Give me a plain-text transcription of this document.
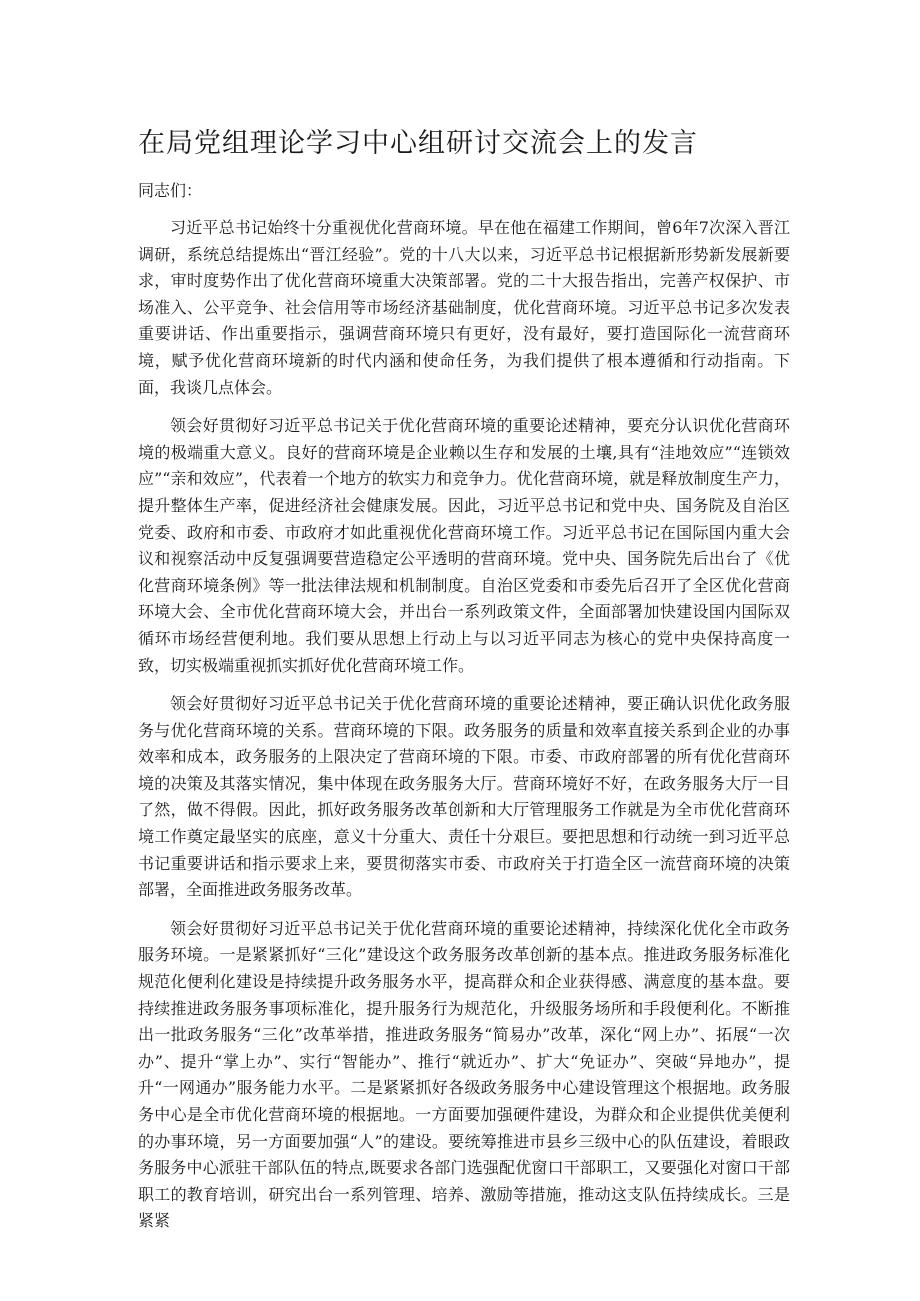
在局党组理论学习中心组研讨交流会上的发言

同志们：

习近平总书记始终十分重视优化营商环境。早在他在福建工作期间，曾6年7次深入晋江调研，系统总结提炼出“晋江经验”。党的十八大以来，习近平总书记根据新形势新发展新要求，审时度势作出了优化营商环境重大决策部署。党的二十大报告指出，完善产权保护、市场准入、公平竞争、社会信用等市场经济基础制度，优化营商环境。习近平总书记多次发表重要讲话、作出重要指示，强调营商环境只有更好，没有最好，要打造国际化一流营商环境，赋予优化营商环境新的时代内涵和使命任务，为我们提供了根本遵循和行动指南。下面，我谈几点体会。

领会好贯彻好习近平总书记关于优化营商环境的重要论述精神，要充分认识优化营商环境的极端重大意义。良好的营商环境是企业赖以生存和发展的土壤,具有“洼地效应”“连锁效应”“亲和效应”，代表着一个地方的软实力和竞争力。优化营商环境，就是释放制度生产力，提升整体生产率，促进经济社会健康发展。因此，习近平总书记和党中央、国务院及自治区党委、政府和市委、市政府才如此重视优化营商环境工作。习近平总书记在国际国内重大会议和视察活动中反复强调要营造稳定公平透明的营商环境。党中央、国务院先后出台了《优化营商环境条例》等一批法律法规和机制制度。自治区党委和市委先后召开了全区优化营商环境大会、全市优化营商环境大会，并出台一系列政策文件，全面部署加快建设国内国际双循环市场经营便利地。我们要从思想上行动上与以习近平同志为核心的党中央保持高度一致，切实极端重视抓实抓好优化营商环境工作。

领会好贯彻好习近平总书记关于优化营商环境的重要论述精神，要正确认识优化政务服务与优化营商环境的关系。营商环境的下限。政务服务的质量和效率直接关系到企业的办事效率和成本，政务服务的上限决定了营商环境的下限。市委、市政府部署的所有优化营商环境的决策及其落实情况，集中体现在政务服务大厅。营商环境好不好，在政务服务大厅一目了然，做不得假。因此，抓好政务服务改革创新和大厅管理服务工作就是为全市优化营商环境工作奠定最坚实的底座，意义十分重大、责任十分艰巨。要把思想和行动统一到习近平总书记重要讲话和指示要求上来，要贯彻落实市委、市政府关于打造全区一流营商环境的决策部署，全面推进政务服务改革。

领会好贯彻好习近平总书记关于优化营商环境的重要论述精神，持续深化优化全市政务服务环境。一是紧紧抓好“三化”建设这个政务服务改革创新的基本点。推进政务服务标准化规范化便利化建设是持续提升政务服务水平，提高群众和企业获得感、满意度的基本盘。要持续推进政务服务事项标准化，提升服务行为规范化，升级服务场所和手段便利化。不断推出一批政务服务“三化”改革举措，推进政务服务“简易办”改革，深化“网上办”、拓展“一次办”、提升“掌上办”、实行“智能办”、推行“就近办”、扩大“免证办”、突破“异地办”，提升“一网通办”服务能力水平。二是紧紧抓好各级政务服务中心建设管理这个根据地。政务服务中心是全市优化营商环境的根据地。一方面要加强硬件建设，为群众和企业提供优美便利的办事环境，另一方面要加强“人”的建设。要统筹推进市县乡三级中心的队伍建设，着眼政务服务中心派驻干部队伍的特点,既要求各部门选强配优窗口干部职工，又要强化对窗口干部职工的教育培训，研究出台一系列管理、培养、激励等措施，推动这支队伍持续成长。三是紧紧
